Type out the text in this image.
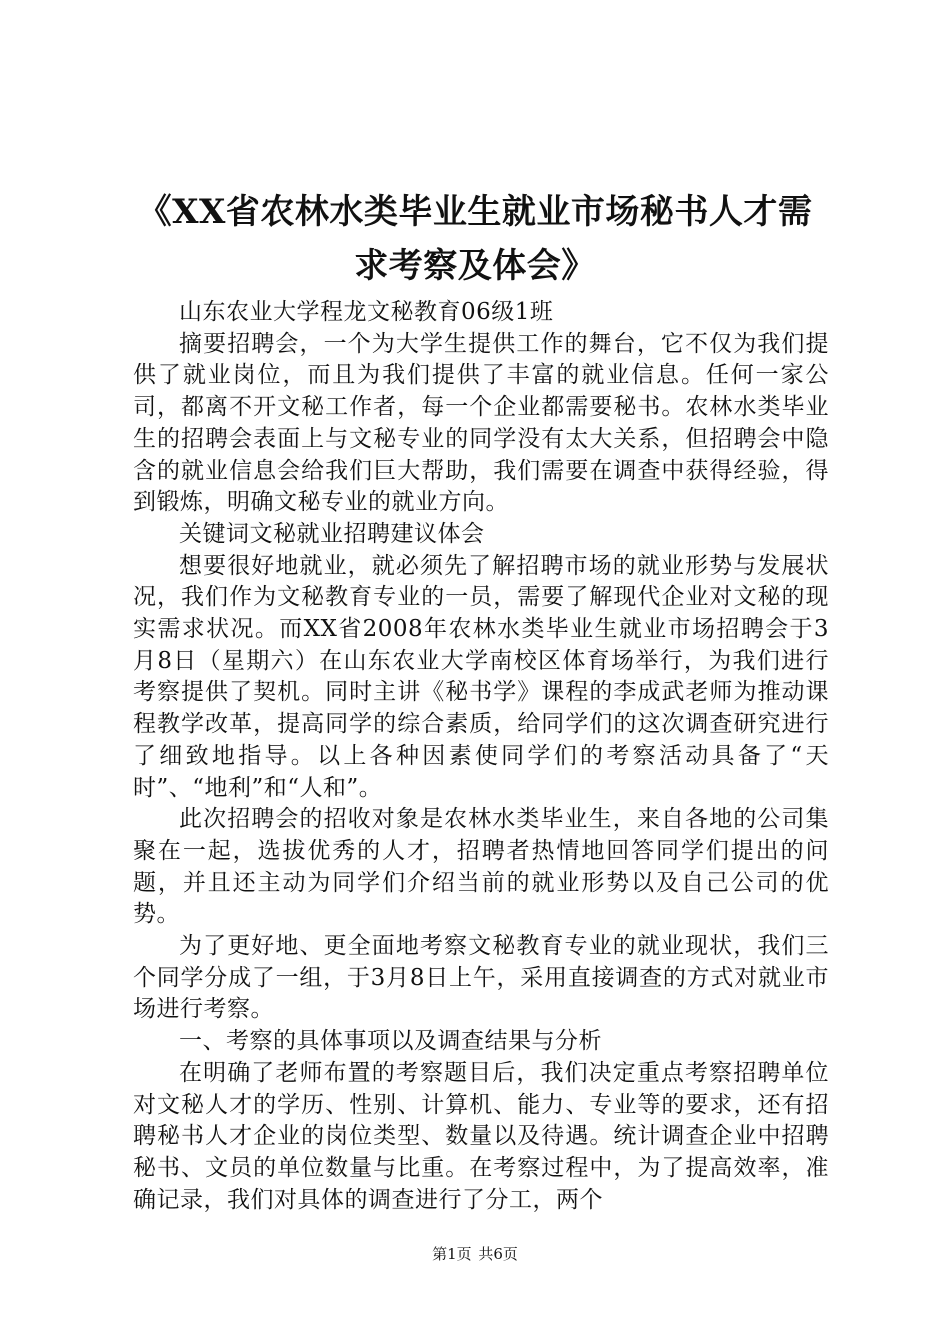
《XX省农林水类毕业生就业市场秘书人才需
求考察及体会》

山东农业大学程龙文秘教育06级1班

摘要招聘会，一个为大学生提供工作的舞台，它不仅为我们提供了就业岗位，而且为我们提供了丰富的就业信息。任何一家公司，都离不开文秘工作者，每一个企业都需要秘书。农林水类毕业生的招聘会表面上与文秘专业的同学没有太大关系，但招聘会中隐含的就业信息会给我们巨大帮助，我们需要在调查中获得经验，得到锻炼，明确文秘专业的就业方向。

关键词文秘就业招聘建议体会

想要很好地就业，就必须先了解招聘市场的就业形势与发展状况，我们作为文秘教育专业的一员，需要了解现代企业对文秘的现实需求状况。而XX省2008年农林水类毕业生就业市场招聘会于3月8日（星期六）在山东农业大学南校区体育场举行，为我们进行考察提供了契机。同时主讲《秘书学》课程的李成武老师为推动课程教学改革，提高同学的综合素质，给同学们的这次调查研究进行了细致地指导。以上各种因素使同学们的考察活动具备了“天时”、“地利”和“人和”。

此次招聘会的招收对象是农林水类毕业生，来自各地的公司集聚在一起，选拔优秀的人才，招聘者热情地回答同学们提出的问题，并且还主动为同学们介绍当前的就业形势以及自己公司的优势。

为了更好地、更全面地考察文秘教育专业的就业现状，我们三个同学分成了一组，于3月8日上午，采用直接调查的方式对就业市场进行考察。

一、考察的具体事项以及调查结果与分析

在明确了老师布置的考察题目后，我们决定重点考察招聘单位对文秘人才的学历、性别、计算机、能力、专业等的要求，还有招聘秘书人才企业的岗位类型、数量以及待遇。统计调查企业中招聘秘书、文员的单位数量与比重。在考察过程中，为了提高效率，准确记录，我们对具体的调查进行了分工，两个

第1页 共6页
